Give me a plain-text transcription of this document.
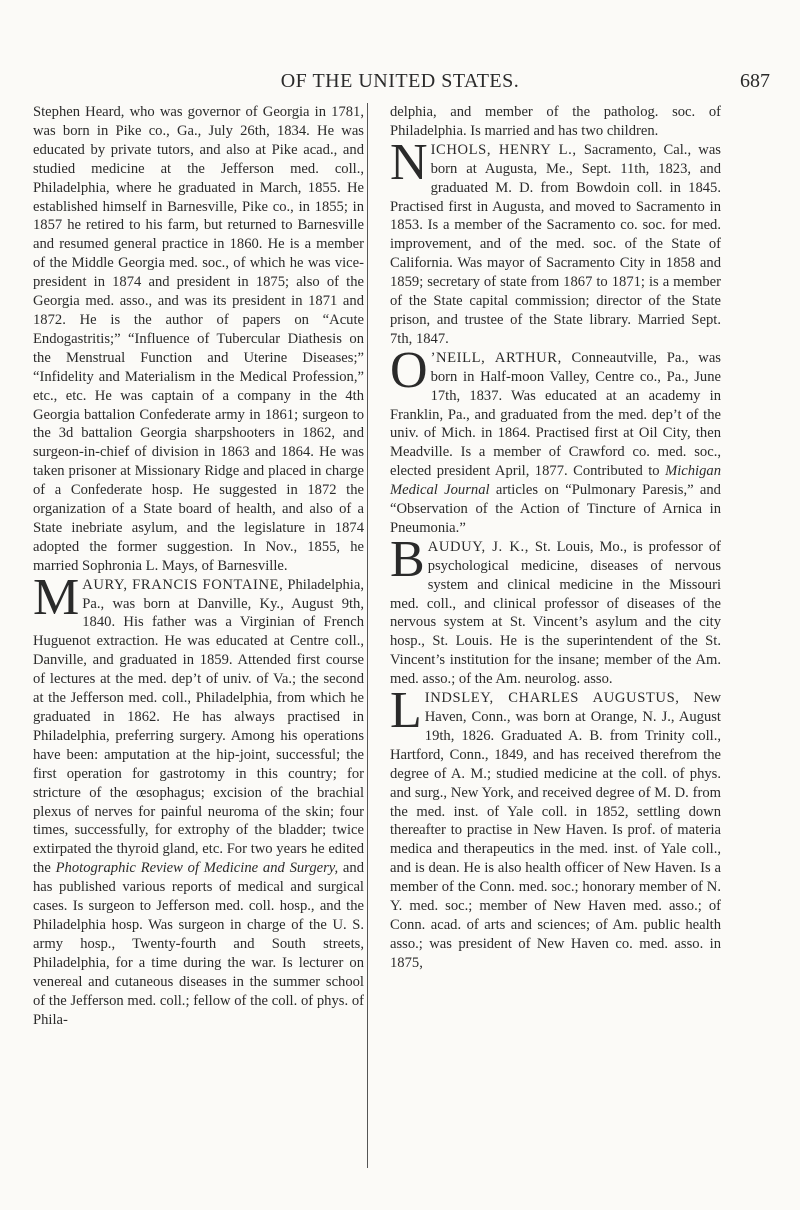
OF THE UNITED STATES.	687

Stephen Heard, who was governor of Georgia in 1781, was born in Pike co., Ga., July 26th, 1834. He was educated by private tutors, and also at Pike acad., and studied medicine at the Jefferson med. coll., Philadelphia, where he graduated in March, 1855. He established himself in Barnesville, Pike co., in 1855; in 1857 he retired to his farm, but returned to Barnesville and resumed general practice in 1860. He is a member of the Middle Georgia med. soc., of which he was vice-president in 1874 and president in 1875; also of the Georgia med. asso., and was its president in 1871 and 1872. He is the author of papers on “Acute Endogastritis;” “Influence of Tubercular Diathesis on the Menstrual Function and Uterine Diseases;” “Infidelity and Materialism in the Medical Profession,” etc., etc. He was captain of a company in the 4th Georgia battalion Confederate army in 1861; surgeon to the 3d battalion Georgia sharpshooters in 1862, and surgeon-in-chief of division in 1863 and 1864. He was taken prisoner at Missionary Ridge and placed in charge of a Confederate hosp. He suggested in 1872 the organization of a State board of health, and also of a State inebriate asylum, and the legislature in 1874 adopted the former suggestion. In Nov., 1855, he married Sophronia L. Mays, of Barnesville.

MAURY, FRANCIS FONTAINE, Philadelphia, Pa., was born at Danville, Ky., August 9th, 1840. His father was a Virginian of French Huguenot extraction. He was educated at Centre coll., Danville, and graduated in 1859. Attended first course of lectures at the med. dep’t of univ. of Va.; the second at the Jefferson med. coll., Philadelphia, from which he graduated in 1862. He has always practised in Philadelphia, preferring surgery. Among his operations have been: amputation at the hip-joint, successful; the first operation for gastrotomy in this country; for stricture of the œsophagus; excision of the brachial plexus of nerves for painful neuroma of the skin; four times, successfully, for extrophy of the bladder; twice extirpated the thyroid gland, etc. For two years he edited the Photographic Review of Medicine and Surgery, and has published various reports of medical and surgical cases. Is surgeon to Jefferson med. coll. hosp., and the Philadelphia hosp. Was surgeon in charge of the U. S. army hosp., Twenty-fourth and South streets, Philadelphia, for a time during the war. Is lecturer on venereal and cutaneous diseases in the summer school of the Jefferson med. coll.; fellow of the coll. of phys. of Phila-

delphia, and member of the patholog. soc. of Philadelphia. Is married and has two children.

NICHOLS, HENRY L., Sacramento, Cal., was born at Augusta, Me., Sept. 11th, 1823, and graduated M. D. from Bowdoin coll. in 1845. Practised first in Augusta, and moved to Sacramento in 1853. Is a member of the Sacramento co. soc. for med. improvement, and of the med. soc. of the State of California. Was mayor of Sacramento City in 1858 and 1859; secretary of state from 1867 to 1871; is a member of the State capital commission; director of the State prison, and trustee of the State library. Married Sept. 7th, 1847.

O ’NEILL, ARTHUR, Conneautville, Pa., was born in Half-moon Valley, Centre co., Pa., June 17th, 1837. Was educated at an academy in Franklin, Pa., and graduated from the med. dep’t of the univ. of Mich. in 1864. Practised first at Oil City, then Meadville. Is a member of Crawford co. med. soc., elected president April, 1877. Contributed to Michigan Medical Journal articles on “Pulmonary Paresis,” and “Observation of the Action of Tincture of Arnica in Pneumonia.”

BAUDUY, J. K., St. Louis, Mo., is professor of psychological medicine, diseases of nervous system and clinical medicine in the Missouri med. coll., and clinical professor of diseases of the nervous system at St. Vincent’s asylum and the city hosp., St. Louis. He is the superintendent of the St. Vincent’s institution for the insane; member of the Am. med. asso.; of the Am. neurolog. asso.

LINDSLEY, CHARLES AUGUSTUS, New Haven, Conn., was born at Orange, N. J., August 19th, 1826. Graduated A. B. from Trinity coll., Hartford, Conn., 1849, and has received therefrom the degree of A. M.; studied medicine at the coll. of phys. and surg., New York, and received degree of M. D. from the med. inst. of Yale coll. in 1852, settling down thereafter to practise in New Haven. Is prof. of materia medica and therapeutics in the med. inst. of Yale coll., and is dean. He is also health officer of New Haven. Is a member of the Conn. med. soc.; honorary member of N. Y. med. soc.; member of New Haven med. asso.; of Conn. acad. of arts and sciences; of Am. public health asso.; was president of New Haven co. med. asso. in 1875,
